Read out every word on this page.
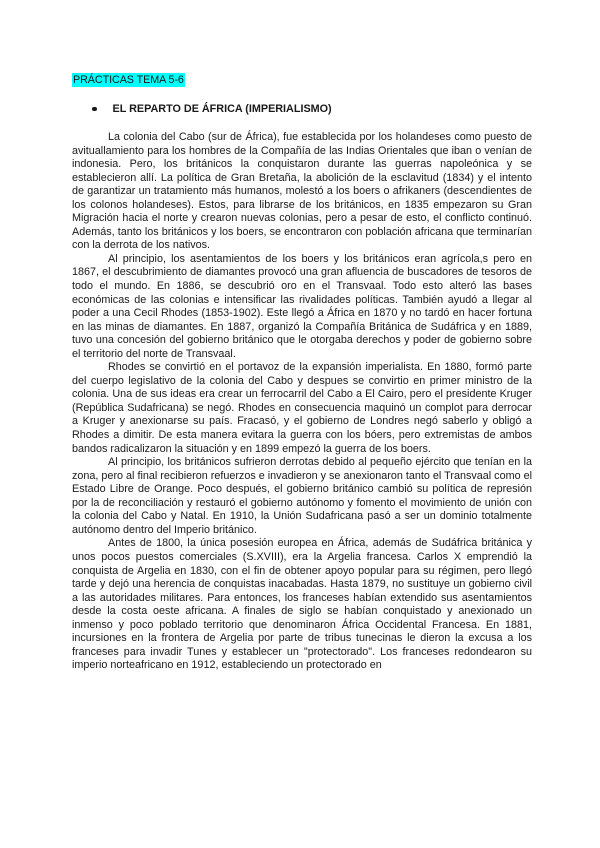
PRÁCTICAS TEMA 5-6
EL REPARTO DE ÁFRICA (IMPERIALISMO)

La colonia del Cabo (sur de África), fue establecida por los holandeses como puesto de avituallamiento para los hombres de la Compañía de las Indias Orientales que iban o venían de indonesia. Pero, los británicos la conquistaron durante las guerras napoleónica y se establecieron allí. La política de Gran Bretaña, la abolición de la esclavitud (1834) y el intento de garantizar un tratamiento más humanos, molestó a los boers o afrikaners (descendientes de los colonos holandeses). Estos, para librarse de los británicos, en 1835 empezaron su Gran Migración hacia el norte y crearon nuevas colonias, pero a pesar de esto, el conflicto continuó. Además, tanto los británicos y los boers, se encontraron con población africana que terminarían con la derrota de los nativos.

Al principio, los asentamientos de los boers y los británicos eran agrícola,s pero en 1867, el descubrimiento de diamantes provocó una gran afluencia de buscadores de tesoros de todo el mundo. En 1886, se descubrió oro en el Transvaal. Todo esto alteró las bases económicas de las colonias e intensificar las rivalidades políticas. También ayudó a llegar al poder a una Cecil Rhodes (1853-1902). Este llegó a África en 1870 y no tardó en hacer fortuna en las minas de diamantes. En 1887, organizó la Compañía Británica de Sudáfrica y en 1889, tuvo una concesión del gobierno británico que le otorgaba derechos y poder de gobierno sobre el territorio del norte de Transvaal.

Rhodes se convirtió en el portavoz de la expansión imperialista. En 1880, formó parte del cuerpo legislativo de la colonia del Cabo y despues se convirtio en primer ministro de la colonia. Una de sus ideas era crear un ferrocarril del Cabo a El Cairo, pero el presidente Kruger (República Sudafricana) se negó. Rhodes en consecuencia maquinó un complot para derrocar a Kruger y anexionarse su país. Fracasó, y el gobierno de Londres negó saberlo y obligó a Rhodes a dimitir. De esta manera evitara la guerra con los bóers, pero extremistas de ambos bandos radicalizaron la situación y en 1899 empezó la guerra de los boers.

Al principio, los británicos sufrieron derrotas debido al pequeño ejército que tenían en la zona, pero al final recibieron refuerzos e invadieron y se anexionaron tanto el Transvaal como el Estado Libre de Orange. Poco después, el gobierno británico cambió su política de represión por la de reconciliación y restauró el gobierno autónomo y fomento el movimiento de unión con la colonia del Cabo y Natal. En 1910, la Unión Sudafricana pasó a ser un dominio totalmente autónomo dentro del Imperio británico.

Antes de 1800, la única posesión europea en África, además de Sudáfrica británica y unos pocos puestos comerciales (S.XVIII), era la Argelia francesa. Carlos X emprendió la conquista de Argelia en 1830, con el fin de obtener apoyo popular para su régimen, pero llegó tarde y dejó una herencia de conquistas inacabadas. Hasta 1879, no sustituye un gobierno civil a las autoridades militares. Para entonces, los franceses habían extendido sus asentamientos desde la costa oeste africana. A finales de siglo se habían conquistado y anexionado un inmenso y poco poblado territorio que denominaron África Occidental Francesa. En 1881, incursiones en la frontera de Argelia por parte de tribus tunecinas le dieron la excusa a los franceses para invadir Tunes y establecer un "protectorado". Los franceses redondearon su imperio norteafricano en 1912, estableciendo un protectorado en
